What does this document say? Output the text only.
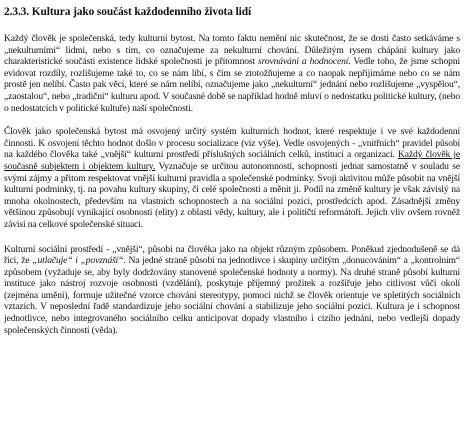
2.3.3. Kultura jako součást každodenního života lidí

Každý člověk je společenská, tedy kulturní bytost. Na tomto faktu nemění nic skutečnost, že se dosti často setkáváme s „nekulturními“ lidmi, nebo s tím, co označujeme za nekulturní chování. Důležitým rysem chápání kultury jako charakteristické součásti existence lidské společnosti je přítomnost srovnávání a hodnocení. Vedle toho, že jsme schopni evidovat rozdíly, rozlišujeme také to, co se nám líbí, s čím se ztotožňujeme a co naopak nepřijímáme nebo co se nám prostě jen nelíbí. Často pak věci, které se nám nelíbí, označujeme jako „nekulturní“ jednání nebo rozlišujeme „vyspělou“, „zaostalou“, nebo „tradiční“ kulturu apod. V současné době se například hodně mluví o nedostatku politické kultury, (nebo o nedostatcích v politické kultuře) naší společnosti.

Člověk jako společenská bytost má osvojený určitý systém kulturních hodnot, které respektuje i ve své každodenní činnosti. K osvojení těchto hodnot došlo v procesu socializace (viz výše). Vedle osvojených - „vnitřních“ pravidel působí na každého člověka také „vnější“ kulturní prostředí příslušných sociálních celků, institucí a organizací. Každý člověk je současně subjektem i objektem kultury. Vyznačuje se určitou autonomností, schopností jednat samostatně v souladu se svými zájmy a přitom respektovat vnější kulturní pravidla a společenské podmínky. Svoji aktivitou může působit na vnější kulturní podmínky, tj. na povahu kultury skupiny, či celé společnosti a měnit ji. Podíl na změně kultury je však závislý na mnoha okolnostech, především na vlastních schopnostech a na sociální pozici, prostředcích apod. Zásadnější změny většinou způsobují vynikající osobnosti (elity) z oblasti vědy, kultury, ale i političtí reformátoři. Jejich vliv ovšem rovněž závisí na celkové společenské situaci.

Kulturní sociální prostředí - „vnější“, působí na člověka jako na objekt různým způsobem. Poněkud zjednodušeně se dá říci, že „utlačuje“ i „povznáší“. Na jedné straně působí na jednotlivce i skupiny určitým „donucováním“ a „kontrolním“ způsobem (vyžaduje se, aby byly dodržovány stanovené společenské hodnoty a normy). Na druhé straně působí kulturní instituce jako nástroj rozvoje osobnosti (vzdělání), poskytuje příjemný prožitek a rozšiřuje jeho citlivost vůči okolí (zejména umění), formuje užitečné vzorce chování stereotypy, pomocí nichž se člověk orientuje ve spletitých sociálních vztazích. V neposlední řadě standardizuje jeho sociální chování a stabilizuje jeho sociální pozici. Kultura je i schopnost jednotlivce, nebo integrovaného sociálního celku anticipovat dopady vlastního i cizího jednání, nebo vedlejší dopady společenských činností (věda).
